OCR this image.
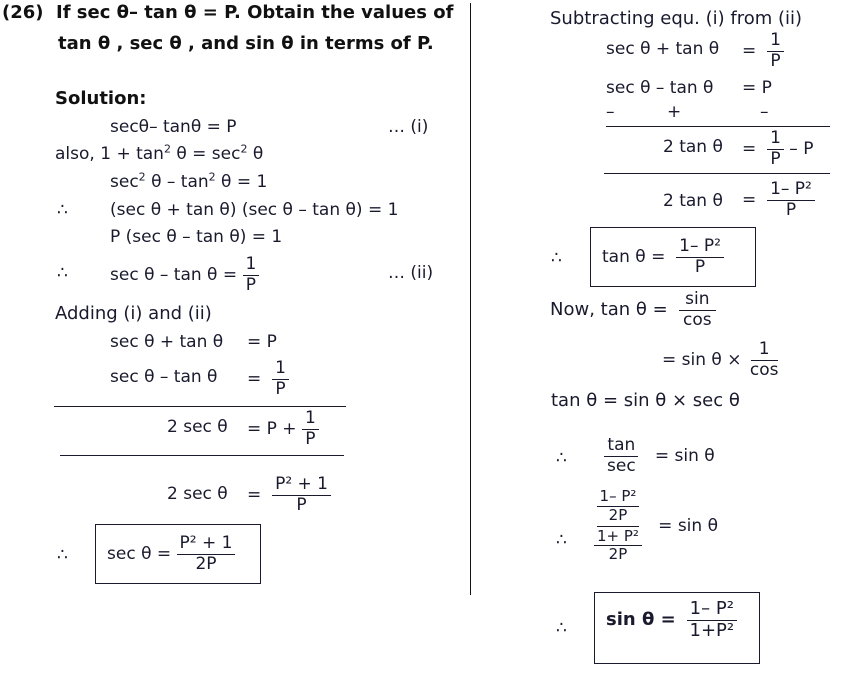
(26) If sec θ– tan θ = P. Obtain the values of
tan θ , sec θ , and sin θ in terms of P.
Solution:
secθ– tanθ = P	… (i)
also, $1 + \tan^2 \theta = \sec^2 \theta$
$\sec^2 \theta - \tan^2 \theta = 1$
∴ (sec θ + tan θ) (sec θ – tan θ) = 1
P (sec θ – tan θ) = 1
∴ sec θ – tan θ =
$\frac{1}{P}$	… (ii)
Adding (i) and (ii)
sec θ + tan θ = P
sec θ – tan θ =
$\frac{1}{P}$
2 sec θ = P +
$\frac{1}{P}$
2 sec θ =
$\frac{\text{P² + 1}}{P}$
∴ sec θ =
$\frac{\text{P² + 1}}{2P}$
Subtracting equ. (i) from (ii)
sec θ + tan θ =
$\frac{1}{P}$
sec θ – tan θ = P
–	+	–
2 tan θ =
$\frac{1}{P}$
– P
2 tan θ =
$\frac{\text{1– P²}}{P}$
∴ tan θ =
$\frac{\text{1– P²}}{P}$
Now, tan θ =
$\frac{\sin}{\cos}$
= sin θ ×
$\frac{1}{\cos}$
tan θ = sin θ × sec θ
∴ $\frac{\tan}{\sec}$
= sin θ
∴ $\frac{\frac{\text{1– P²}}{2P}}{\frac{\text{1+ P²}}{2P}}$
= sin θ
∴ sin θ =
$\frac{\text{1– P²}}{\text{1+P²}}$
